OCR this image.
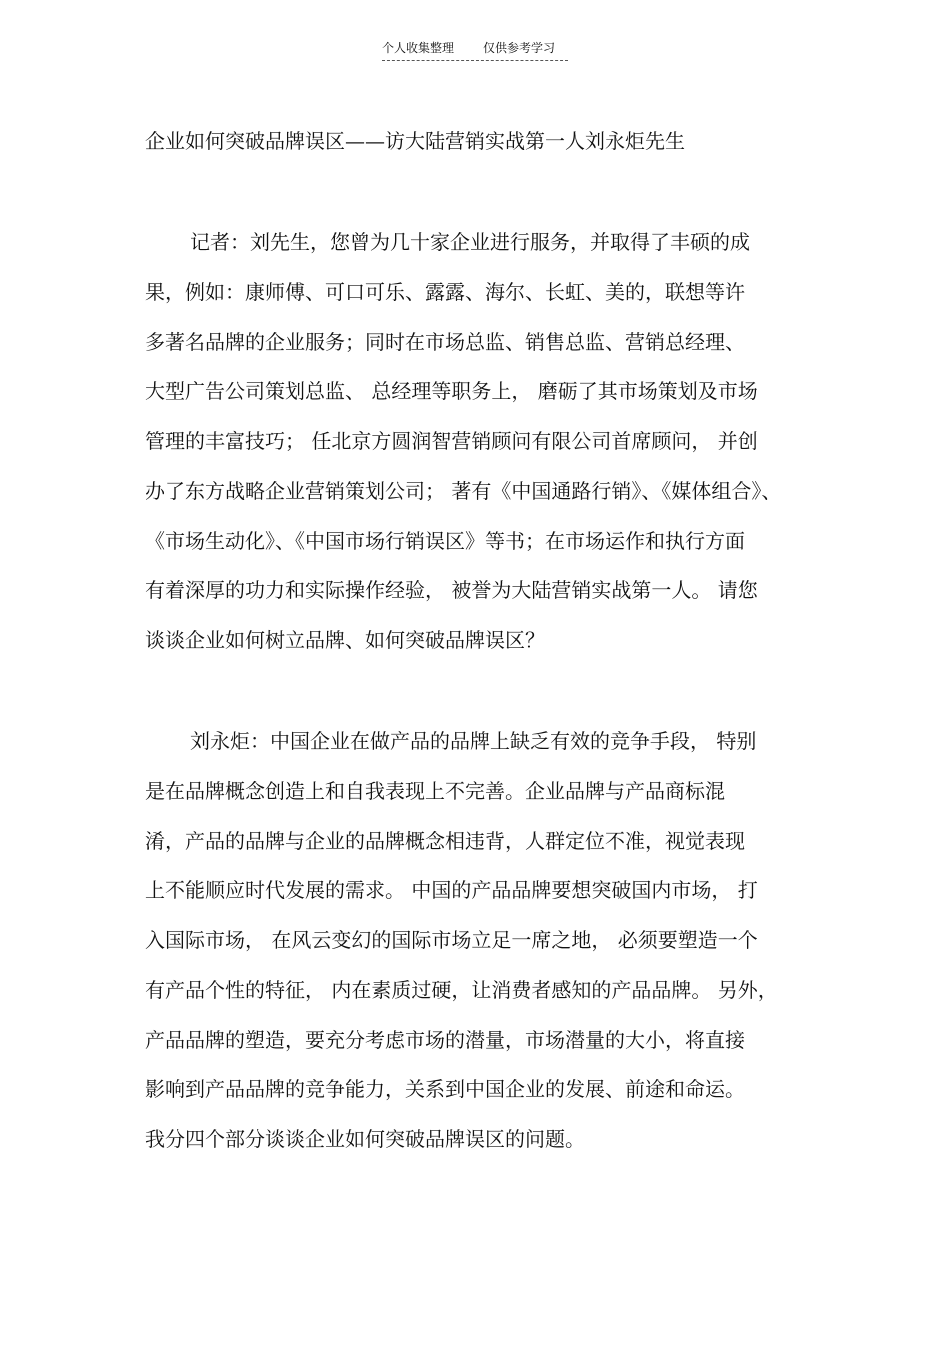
个人收集整理 仅供参考学习
企业如何突破品牌误区——访大陆营销实战第一人刘永炬先生
记者：刘先生，您曾为几十家企业进行服务，并取得了丰硕的成
果，例如：康师傅、可口可乐、露露、海尔、长虹、美的，联想等许
多著名品牌的企业服务；同时在市场总监、销售总监、营销总经理、
大型广告公司策划总监、 总经理等职务上， 磨砺了其市场策划及市场
管理的丰富技巧； 任北京方圆润智营销顾问有限公司首席顾问， 并创
办了东方战略企业营销策划公司； 著有《中国通路行销》、《媒体组合》、
《市场生动化》、《中国市场行销误区》等书；在市场运作和执行方面
有着深厚的功力和实际操作经验， 被誉为大陆营销实战第一人。 请您
谈谈企业如何树立品牌、如何突破品牌误区？
刘永炬：中国企业在做产品的品牌上缺乏有效的竞争手段， 特别
是在品牌概念创造上和自我表现上不完善。企业品牌与产品商标混
淆，产品的品牌与企业的品牌概念相违背，人群定位不准，视觉表现
上不能顺应时代发展的需求。 中国的产品品牌要想突破国内市场， 打
入国际市场， 在风云变幻的国际市场立足一席之地， 必须要塑造一个
有产品个性的特征， 内在素质过硬，让消费者感知的产品品牌。 另外，
产品品牌的塑造，要充分考虑市场的潜量，市场潜量的大小，将直接
影响到产品品牌的竞争能力，关系到中国企业的发展、前途和命运。
我分四个部分谈谈企业如何突破品牌误区的问题。
